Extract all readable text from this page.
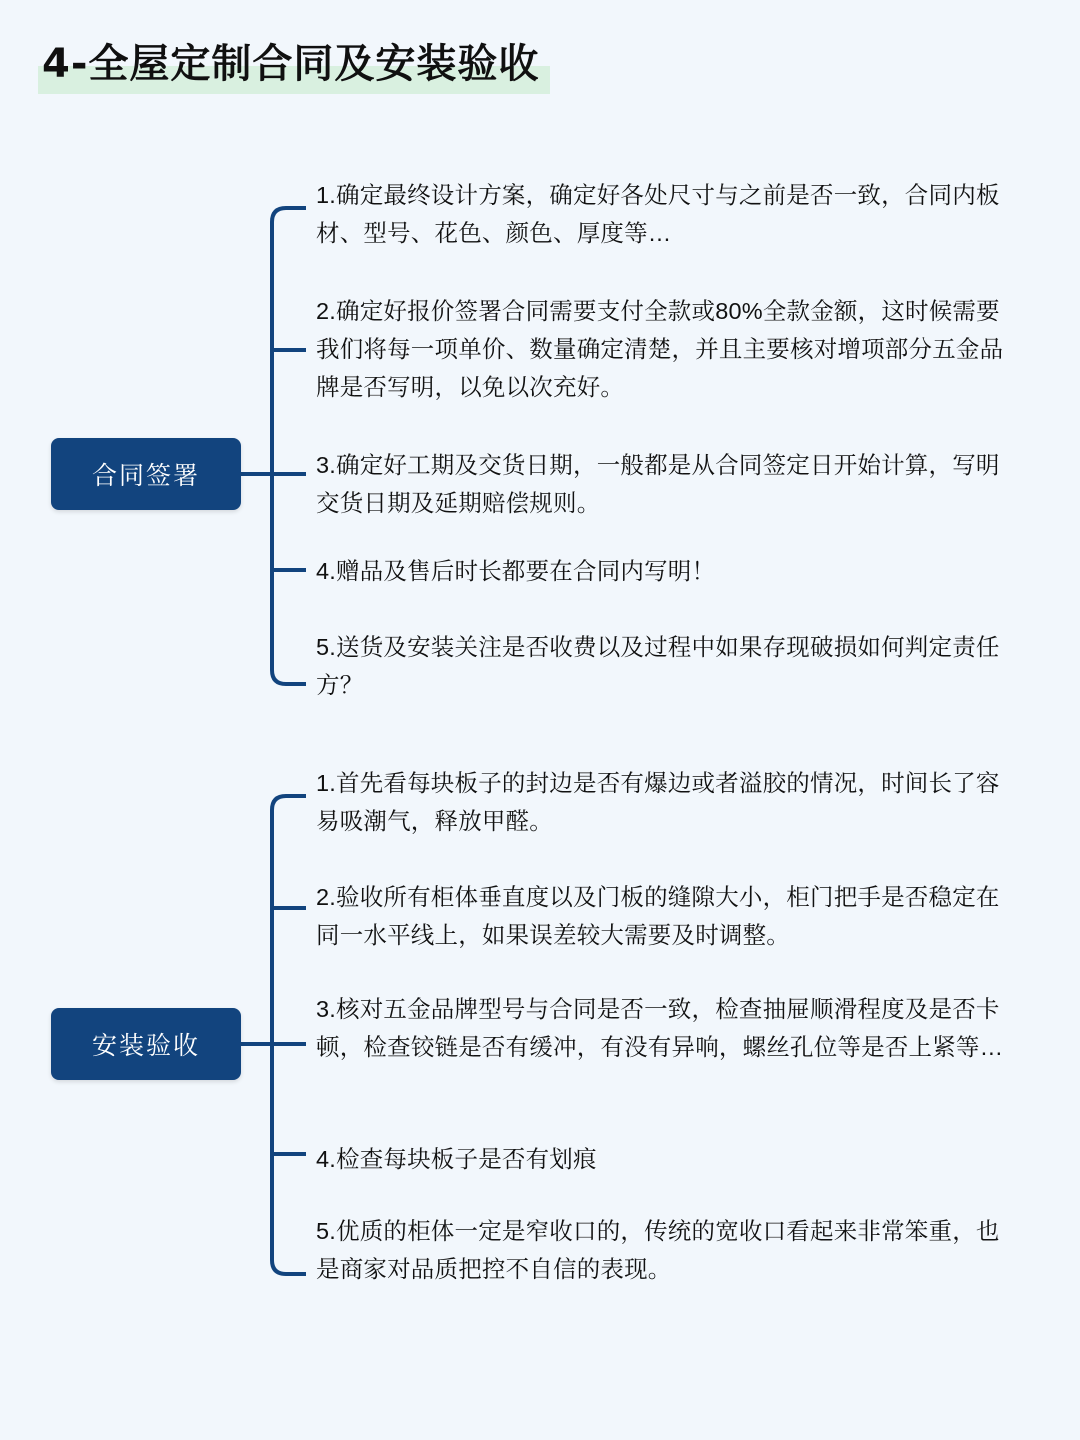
4-全屋定制合同及安装验收
合同签署
安装验收
1.确定最终设计方案，确定好各处尺寸与之前是否一致，合同内板材、型号、花色、颜色、厚度等…
2.确定好报价签署合同需要支付全款或80%全款金额，这时候需要我们将每一项单价、数量确定清楚，并且主要核对增项部分五金品牌是否写明，以免以次充好。
3.确定好工期及交货日期，一般都是从合同签定日开始计算，写明交货日期及延期赔偿规则。
4.赠品及售后时长都要在合同内写明！
5.送货及安装关注是否收费以及过程中如果存现破损如何判定责任方？
1.首先看每块板子的封边是否有爆边或者溢胶的情况，时间长了容易吸潮气，释放甲醛。
2.验收所有柜体垂直度以及门板的缝隙大小，柜门把手是否稳定在同一水平线上，如果误差较大需要及时调整。
3.核对五金品牌型号与合同是否一致，检查抽屉顺滑程度及是否卡顿，检查铰链是否有缓冲，有没有异响，螺丝孔位等是否上紧等…
4.检查每块板子是否有划痕
5.优质的柜体一定是窄收口的，传统的宽收口看起来非常笨重，也是商家对品质把控不自信的表现。
